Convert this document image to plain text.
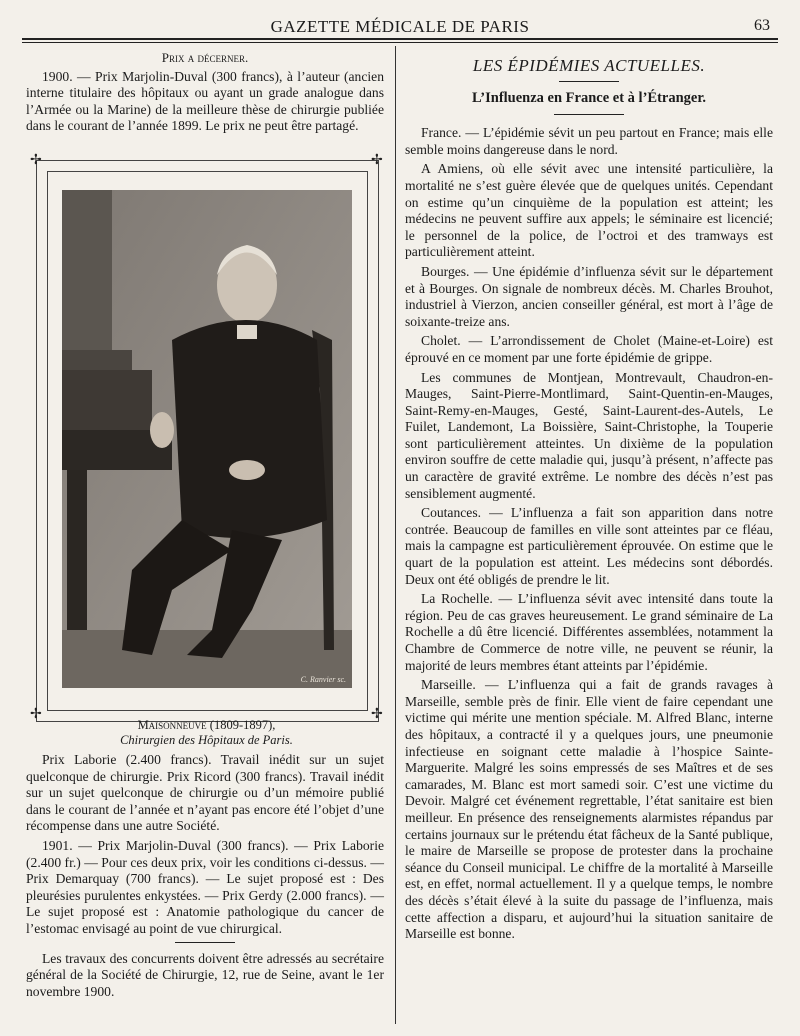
GAZETTE MÉDICALE DE PARIS	63
Prix a décerner.

1900. — Prix Marjolin-Duval (300 francs), à l’auteur (ancien interne titulaire des hôpitaux ou ayant un grade analogue dans l’Armée ou la Marine) de la meilleure thèse de chirurgie publiée dans le courant de l’année 1899. Le prix ne peut être partagé.

✢	✢
✢	✢
C. Ranvier sc.
Maisonneuve (1809-1897),
Chirurgien des Hôpitaux de Paris.

Prix Laborie (2.400 francs). Travail inédit sur un sujet quelconque de chirurgie. Prix Ricord (300 francs). Travail inédit sur un sujet quelconque de chirurgie ou d’un mémoire publié dans le courant de l’année et n’ayant pas encore été l’objet d’une récompense dans une autre Société.

1901. — Prix Marjolin-Duval (300 francs). — Prix Laborie (2.400 fr.) — Pour ces deux prix, voir les conditions ci-dessus. — Prix Demarquay (700 francs). — Le sujet proposé est : Des pleurésies purulentes enkystées. — Prix Gerdy (2.000 francs). — Le sujet proposé est : Anatomie pathologique du cancer de l’estomac envisagé au point de vue chirurgical.

Les travaux des concurrents doivent être adressés au secrétaire général de la Société de Chirurgie, 12, rue de Seine, avant le 1er novembre 1900.

LES ÉPIDÉMIES ACTUELLES.
L’Influenza en France et à l’Étranger.

France. — L’épidémie sévit un peu partout en France; mais elle semble moins dangereuse dans le nord.

A Amiens, où elle sévit avec une intensité particulière, la mortalité ne s’est guère élevée que de quelques unités. Cependant on estime qu’un cinquième de la population est atteint; les médecins ne peuvent suffire aux appels; le séminaire est licencié; le personnel de la police, de l’octroi et des tramways est particulièrement atteint.

Bourges. — Une épidémie d’influenza sévit sur le département et à Bourges. On signale de nombreux décès. M. Charles Brouhot, industriel à Vierzon, ancien conseiller général, est mort à l’âge de soixante-treize ans.

Cholet. — L’arrondissement de Cholet (Maine-et-Loire) est éprouvé en ce moment par une forte épidémie de grippe.

Les communes de Montjean, Montrevault, Chaudron-en-Mauges, Saint-Pierre-Montlimard, Saint-Quentin-en-Mauges, Saint-Remy-en-Mauges, Gesté, Saint-Laurent-des-Autels, Le Fuilet, Landemont, La Boissière, Saint-Christophe, la Touperie sont particulièrement atteintes. Un dixième de la population environ souffre de cette maladie qui, jusqu’à présent, n’affecte pas un caractère de gravité extrême. Le nombre des décès n’est pas sensiblement augmenté.

Coutances. — L’influenza a fait son apparition dans notre contrée. Beaucoup de familles en ville sont atteintes par ce fléau, mais la campagne est particulièrement éprouvée. On estime que le quart de la population est atteint. Les médecins sont débordés. Deux ont été obligés de prendre le lit.

La Rochelle. — L’influenza sévit avec intensité dans toute la région. Peu de cas graves heureusement. Le grand séminaire de La Rochelle a dû être licencié. Différentes assemblées, notamment la Chambre de Commerce de notre ville, ne peuvent se réunir, la majorité de leurs membres étant atteints par l’épidémie.

Marseille. — L’influenza qui a fait de grands ravages à Marseille, semble près de finir. Elle vient de faire cependant une victime qui mérite une mention spéciale. M. Alfred Blanc, interne des hôpitaux, a contracté il y a quelques jours, une pneumonie infectieuse en soignant cette maladie à l’hospice Sainte-Marguerite. Malgré les soins empressés de ses Maîtres et de ses camarades, M. Blanc est mort samedi soir. C’est une victime du Devoir. Malgré cet événement regrettable, l’état sanitaire est bien meilleur. En présence des renseignements alarmistes répandus par certains journaux sur le prétendu état fâcheux de la Santé publique, le maire de Marseille se propose de protester dans la prochaine séance du Conseil municipal. Le chiffre de la mortalité à Marseille est, en effet, normal actuellement. Il y a quelque temps, le nombre des décès s’était élevé à la suite du passage de l’influenza, mais cette affection a disparu, et aujourd’hui la situation sanitaire de Marseille est bonne.
